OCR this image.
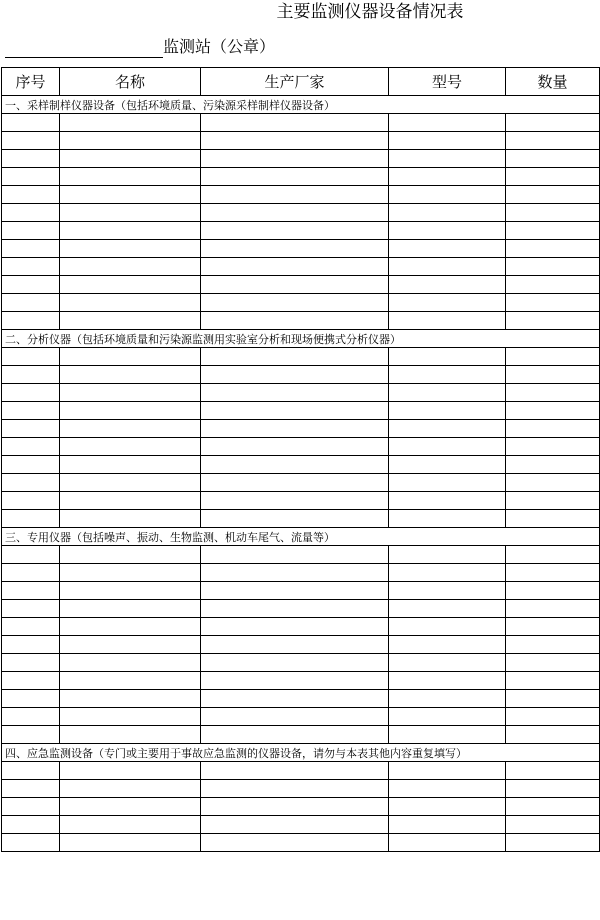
主要监测仪器设备情况表
监测站（公章）
序号	名称	生产厂家	型号	数量
一、采样制样仪器设备（包括环境质量、污染源采样制样仪器设备）				

二、分析仪器（包括环境质量和污染源监测用实验室分析和现场便携式分析仪器）				

三、专用仪器（包括噪声、振动、生物监测、机动车尾气、流量等）				

四、应急监测设备（专门或主要用于事故应急监测的仪器设备，请勿与本表其他内容重复填写）				
